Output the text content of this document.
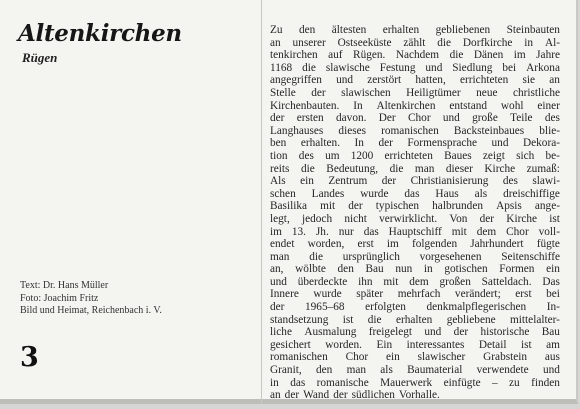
Altenkirchen
Rügen
Text: Dr. Hans Müller
Foto: Joachim Fritz
Bild und Heimat, Reichenbach i. V.
3
Zu den ältesten erhalten gebliebenen Steinbauten
an unserer Ostseeküste zählt die Dorfkirche in Al-
tenkirchen auf Rügen. Nachdem die Dänen im Jahre
1168 die slawische Festung und Siedlung bei Arkona
angegriffen und zerstört hatten, errichteten sie an
Stelle der slawischen Heiligtümer neue christliche
Kirchenbauten. In Altenkirchen entstand wohl einer
der ersten davon. Der Chor und große Teile des
Langhauses dieses romanischen Backsteinbaues blie-
ben erhalten. In der Formensprache und Dekora-
tion des um 1200 errichteten Baues zeigt sich be-
reits die Bedeutung, die man dieser Kirche zumaß:
Als ein Zentrum der Christianisierung des slawi-
schen Landes wurde das Haus als dreischiffige
Basilika mit der typischen halbrunden Apsis ange-
legt, jedoch nicht verwirklicht. Von der Kirche ist
im 13. Jh. nur das Hauptschiff mit dem Chor voll-
endet worden, erst im folgenden Jahrhundert fügte
man die ursprünglich vorgesehenen Seitenschiffe
an, wölbte den Bau nun in gotischen Formen ein
und überdeckte ihn mit dem großen Satteldach. Das
Innere wurde später mehrfach verändert; erst bei
der 1965–68 erfolgten denkmalpflegerischen In-
standsetzung ist die erhalten gebliebene mittelalter-
liche Ausmalung freigelegt und der historische Bau
gesichert worden. Ein interessantes Detail ist am
romanischen Chor ein slawischer Grabstein aus
Granit, den man als Baumaterial verwendete und
in das romanische Mauerwerk einfügte – zu finden
an der Wand der südlichen Vorhalle.
